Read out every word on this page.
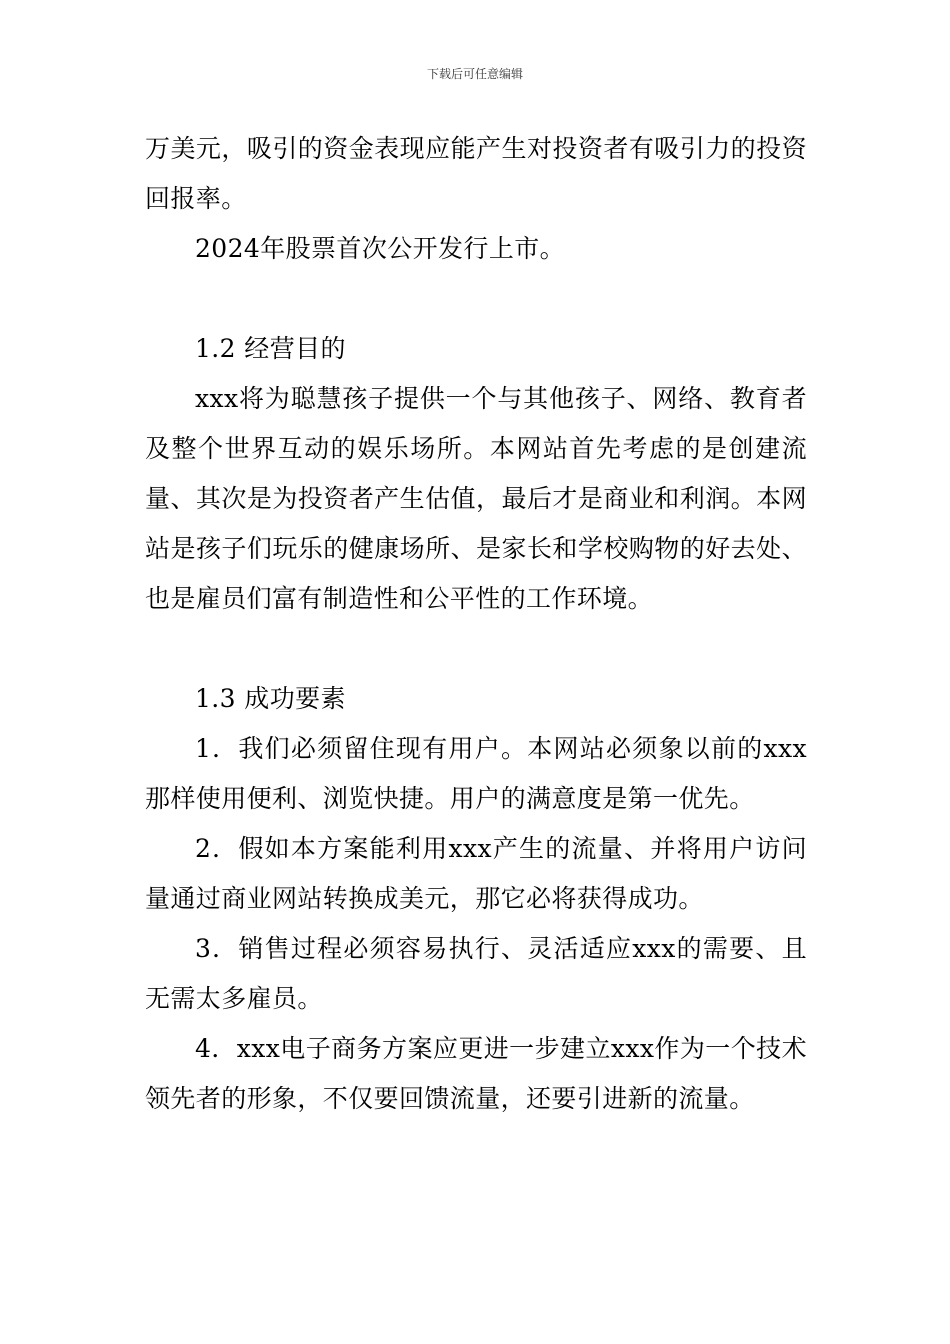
下载后可任意编辑

万美元，吸引的资金表现应能产生对投资者有吸引力的投资回报率。

2024年股票首次公开发行上市。

1.2 经营目的

xxx将为聪慧孩子提供一个与其他孩子、网络、教育者及整个世界互动的娱乐场所。本网站首先考虑的是创建流量、其次是为投资者产生估值，最后才是商业和利润。本网站是孩子们玩乐的健康场所、是家长和学校购物的好去处、也是雇员们富有制造性和公平性的工作环境。

1.3 成功要素

1．我们必须留住现有用户。本网站必须象以前的xxx那样使用便利、浏览快捷。用户的满意度是第一优先。

2．假如本方案能利用xxx产生的流量、并将用户访问量通过商业网站转换成美元，那它必将获得成功。

3．销售过程必须容易执行、灵活适应xxx的需要、且无需太多雇员。

4．xxx电子商务方案应更进一步建立xxx作为一个技术领先者的形象，不仅要回馈流量，还要引进新的流量。
